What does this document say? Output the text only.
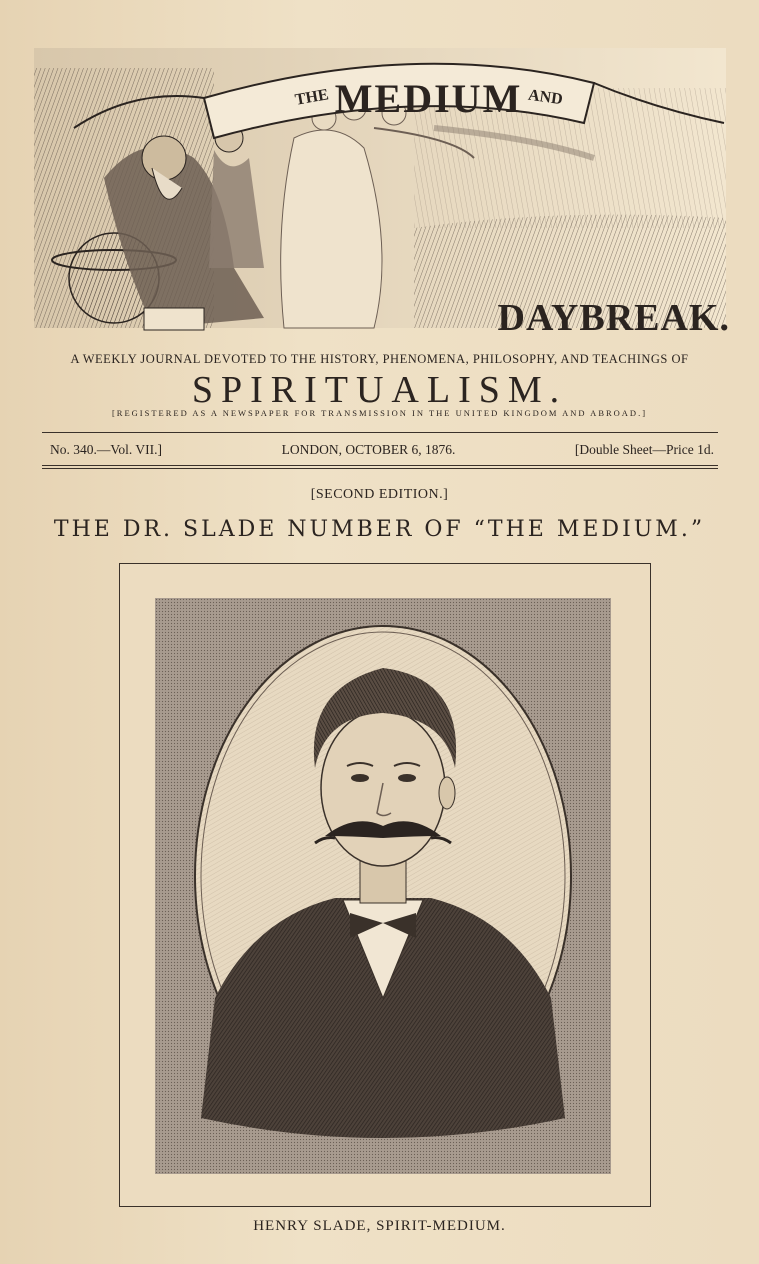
THE MEDIUM AND
DAYBREAK.
A WEEKLY JOURNAL DEVOTED TO THE HISTORY, PHENOMENA, PHILOSOPHY, AND TEACHINGS OF
SPIRITUALISM.
[REGISTERED AS A NEWSPAPER FOR TRANSMISSION IN THE UNITED KINGDOM AND ABROAD.]
No. 340.—Vol. VII.]	LONDON, OCTOBER 6, 1876.	[Double Sheet—Price 1d.
[SECOND EDITION.]
THE DR. SLADE NUMBER OF “THE MEDIUM.”
HENRY SLADE, SPIRIT-MEDIUM.
